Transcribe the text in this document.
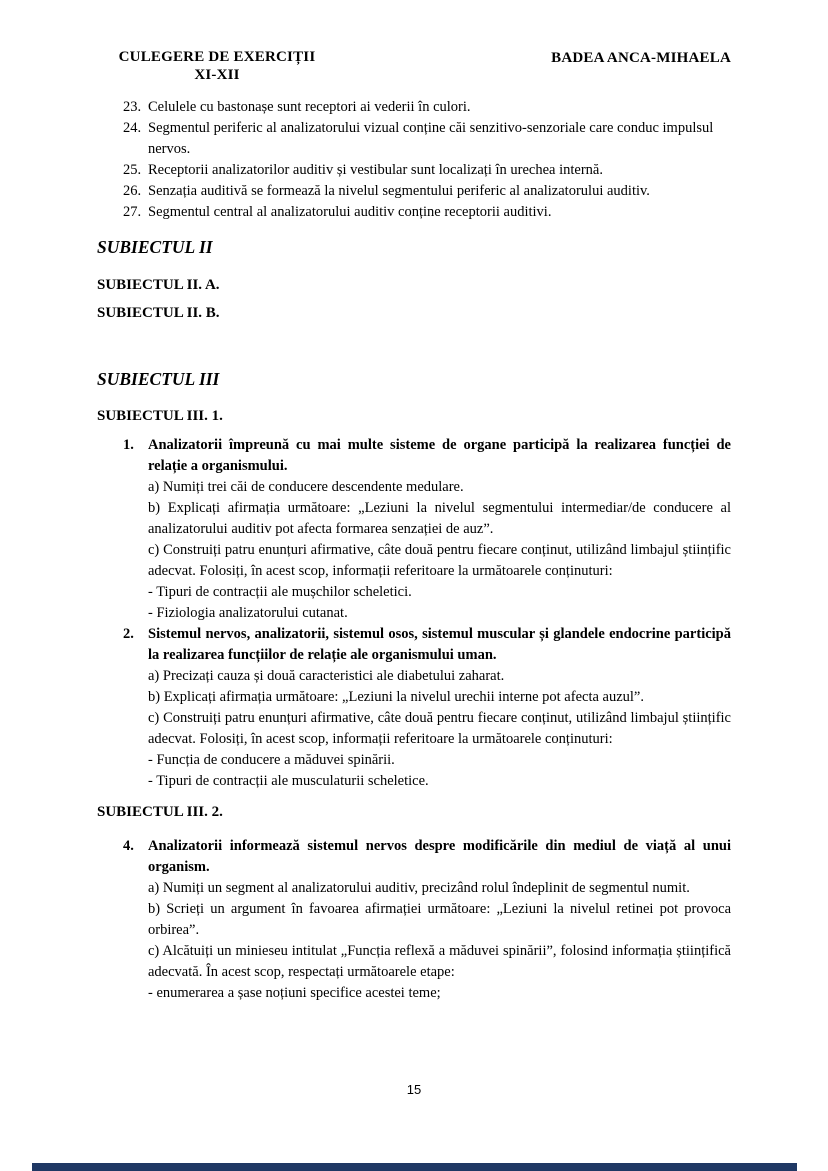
CULEGERE DE EXERCIȚII
XI-XII
BADEA ANCA-MIHAELA
23. Celulele cu bastonașe sunt receptori ai vederii în culori.
24. Segmentul periferic al analizatorului vizual conține căi senzitivo-senzoriale care conduc impulsul nervos.
25. Receptorii analizatorilor auditiv și vestibular sunt localizați în urechea internă.
26. Senzația auditivă se formează la nivelul segmentului periferic al analizatorului auditiv.
27. Segmentul central al analizatorului auditiv conține receptorii auditivi.
SUBIECTUL II
SUBIECTUL II. A.
SUBIECTUL II. B.
SUBIECTUL III
SUBIECTUL III. 1.
1. Analizatorii împreună cu mai multe sisteme de organe participă la realizarea funcției de relație a organismului.
a) Numiți trei căi de conducere descendente medulare.
b) Explicați afirmația următoare: „Leziuni la nivelul segmentului intermediar/de conducere al analizatorului auditiv pot afecta formarea senzației de auz”.
c) Construiți patru enunțuri afirmative, câte două pentru fiecare conținut, utilizând limbajul științific adecvat. Folosiți, în acest scop, informații referitoare la următoarele conținuturi:
- Tipuri de contracții ale mușchilor scheletici.
- Fiziologia analizatorului cutanat.
2. Sistemul nervos, analizatorii, sistemul osos, sistemul muscular și glandele endocrine participă la realizarea funcțiilor de relație ale organismului uman.
a) Precizați cauza și două caracteristici ale diabetului zaharat.
b) Explicați afirmația următoare: „Leziuni la nivelul urechii interne pot afecta auzul”.
c) Construiți patru enunțuri afirmative, câte două pentru fiecare conținut, utilizând limbajul științific adecvat. Folosiți, în acest scop, informații referitoare la următoarele conținuturi:
- Funcția de conducere a măduvei spinării.
- Tipuri de contracții ale musculaturii scheletice.
SUBIECTUL III. 2.
4. Analizatorii informează sistemul nervos despre modificările din mediul de viață al unui organism.
a) Numiți un segment al analizatorului auditiv, precizând rolul îndeplinit de segmentul numit.
b) Scrieți un argument în favoarea afirmației următoare: „Leziuni la nivelul retinei pot provoca orbirea”.
c) Alcătuiți un minieseu intitulat „Funcția reflexă a măduvei spinării”, folosind informația științifică adecvată. În acest scop, respectați următoarele etape:
- enumerarea a șase noțiuni specifice acestei teme;
15
